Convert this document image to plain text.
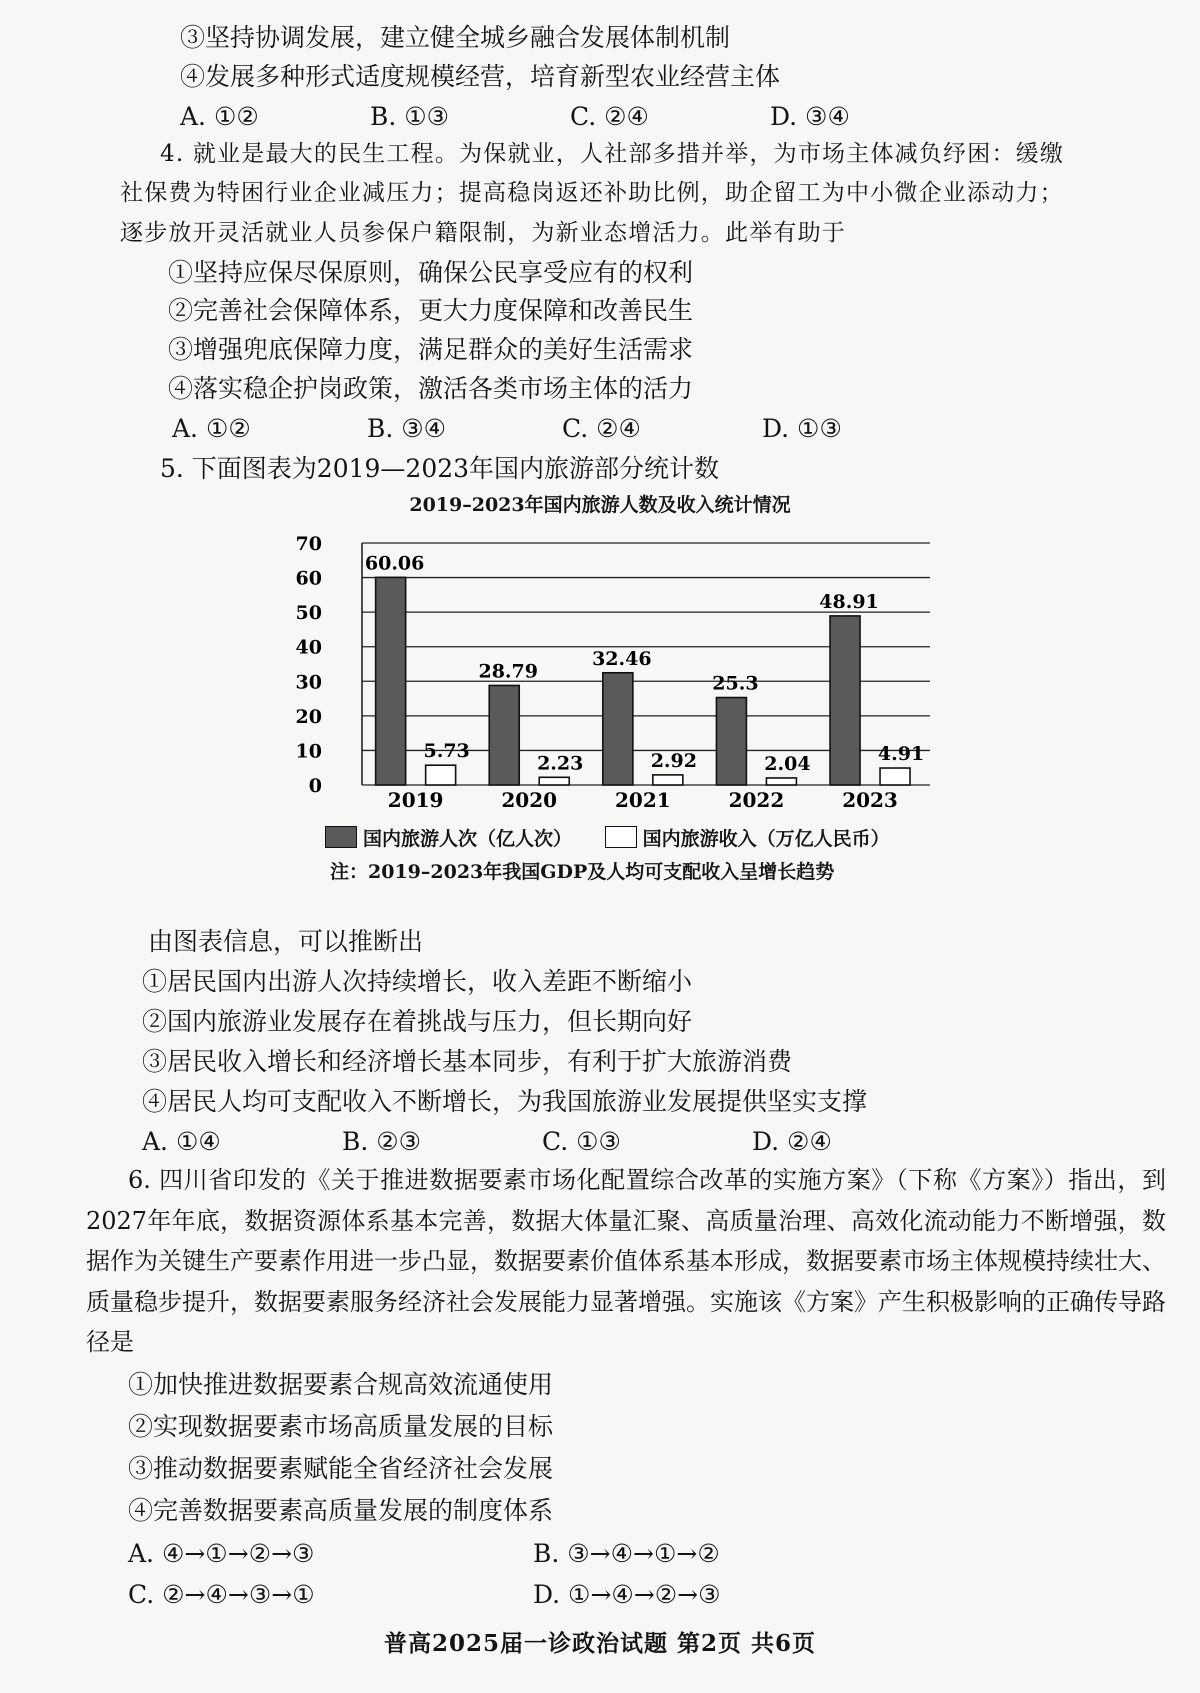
③坚持协调发展，建立健全城乡融合发展体制机制
④发展多种形式适度规模经营，培育新型农业经营主体
A. ①②	B. ①③	C. ②④	D. ③④
4. 就业是最大的民生工程。为保就业，人社部多措并举，为市场主体减负纾困：缓缴
社保费为特困行业企业减压力；提高稳岗返还补助比例，助企留工为中小微企业添动力；
逐步放开灵活就业人员参保户籍限制，为新业态增活力。此举有助于
①坚持应保尽保原则，确保公民享受应有的权利
②完善社会保障体系，更大力度保障和改善民生
③增强兜底保障力度，满足群众的美好生活需求
④落实稳企护岗政策，激活各类市场主体的活力
A. ①②	B. ③④	C. ②④	D. ①③
5. 下面图表为2019—2023年国内旅游部分统计数
2019–2023年国内旅游人数及收入统计情况
0
10
20
30
40
50
60
70
60.06
5.73
2019
28.79
2.23
2020
32.46
2.92
2021
25.3
2.04
2022
48.91
4.91
2023
国内旅游人次（亿人次）	国内旅游收入（万亿人民币）
注：2019–2023年我国GDP及人均可支配收入呈增长趋势
由图表信息，可以推断出
①居民国内出游人次持续增长，收入差距不断缩小
②国内旅游业发展存在着挑战与压力，但长期向好
③居民收入增长和经济增长基本同步，有利于扩大旅游消费
④居民人均可支配收入不断增长，为我国旅游业发展提供坚实支撑
A. ①④	B. ②③	C. ①③	D. ②④
6. 四川省印发的《关于推进数据要素市场化配置综合改革的实施方案》（下称《方案》）指出，到2027年年底，数据资源体系基本完善，数据大体量汇聚、高质量治理、高效化流动能力不断增强，数据作为关键生产要素作用进一步凸显，数据要素价值体系基本形成，数据要素市场主体规模持续壮大、质量稳步提升，数据要素服务经济社会发展能力显著增强。实施该《方案》产生积极影响的正确传导路径是
①加快推进数据要素合规高效流通使用
②实现数据要素市场高质量发展的目标
③推动数据要素赋能全省经济社会发展
④完善数据要素高质量发展的制度体系
A. ④→①→②→③	B. ③→④→①→②
C. ②→④→③→①	D. ①→④→②→③
普高2025届一诊政治试题 第2页 共6页
